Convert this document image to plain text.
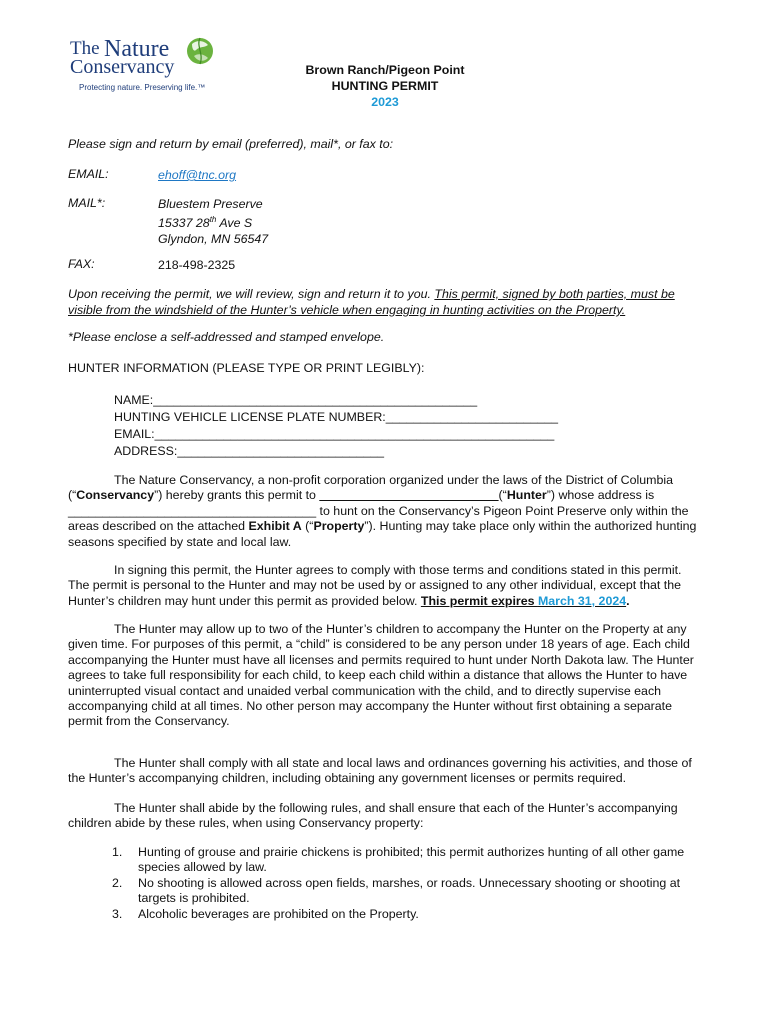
The Nature
Conservancy
Protecting nature. Preserving life.™
Brown Ranch/Pigeon Point
HUNTING PERMIT
2023
Please sign and return by email (preferred), mail*, or fax to:
EMAIL:	ehoff@tnc.org
MAIL*:	Bluestem Preserve
15337 28th Ave S
Glyndon, MN 56547
FAX:	218-498-2325
Upon receiving the permit, we will review, sign and return it to you. This permit, signed by both parties, must be visible from the windshield of the Hunter’s vehicle when engaging in hunting activities on the Property.
*Please enclose a self-addressed and stamped envelope.
HUNTER INFORMATION (PLEASE TYPE OR PRINT LEGIBLY):
NAME:_______________________________________________
HUNTING VEHICLE LICENSE PLATE NUMBER:_________________________
EMAIL:__________________________________________________________
ADDRESS:______________________________

The Nature Conservancy, a non-profit corporation organized under the laws of the District of Columbia (“Conservancy”) hereby grants this permit to __________________________(“Hunter”) whose address is ____________________________________ to hunt on the Conservancy’s Pigeon Point Preserve only within the areas described on the attached Exhibit A (“Property”). Hunting may take place only within the authorized hunting seasons specified by state and local law.

In signing this permit, the Hunter agrees to comply with those terms and conditions stated in this permit. The permit is personal to the Hunter and may not be used by or assigned to any other individual, except that the Hunter’s children may hunt under this permit as provided below. This permit expires March 31, 2024.

The Hunter may allow up to two of the Hunter’s children to accompany the Hunter on the Property at any given time. For purposes of this permit, a “child” is considered to be any person under 18 years of age. Each child accompanying the Hunter must have all licenses and permits required to hunt under North Dakota law. The Hunter agrees to take full responsibility for each child, to keep each child within a distance that allows the Hunter to have uninterrupted visual contact and unaided verbal communication with the child, and to directly supervise each accompanying child at all times. No other person may accompany the Hunter without first obtaining a separate permit from the Conservancy.

The Hunter shall comply with all state and local laws and ordinances governing his activities, and those of the Hunter’s accompanying children, including obtaining any government licenses or permits required.

The Hunter shall abide by the following rules, and shall ensure that each of the Hunter’s accompanying children abide by these rules, when using Conservancy property:

1. Hunting of grouse and prairie chickens is prohibited; this permit authorizes hunting of all other game species allowed by law.
2. No shooting is allowed across open fields, marshes, or roads. Unnecessary shooting or shooting at targets is prohibited.
3. Alcoholic beverages are prohibited on the Property.
